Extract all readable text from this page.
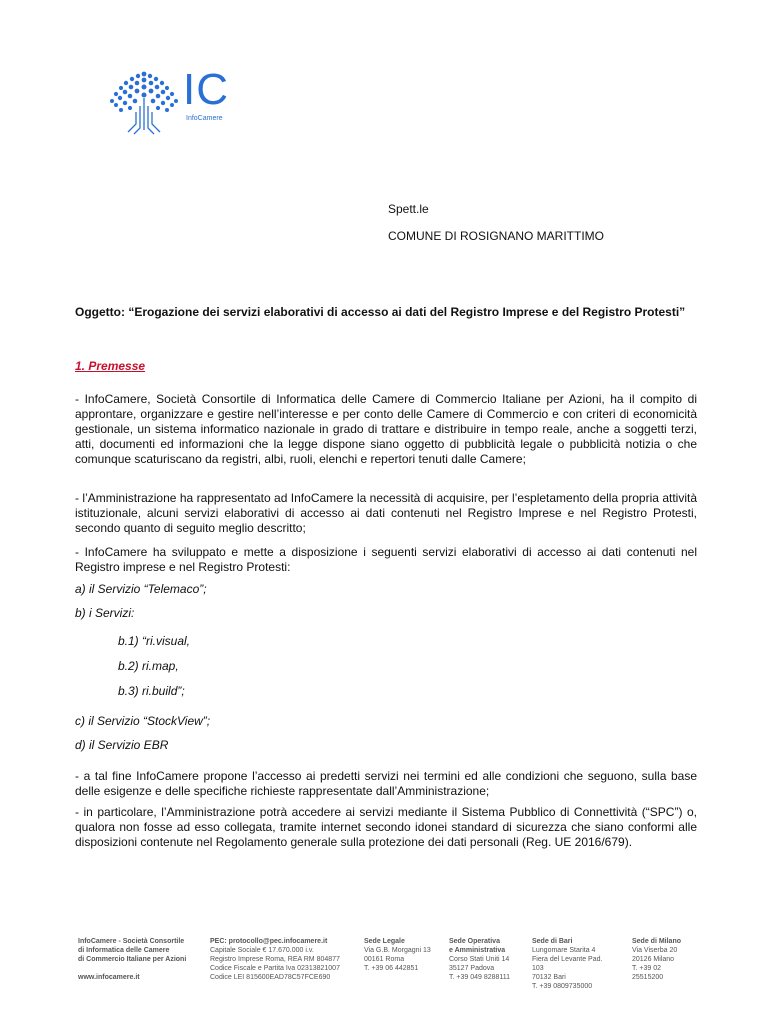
IC
InfoCamere
Spett.le
COMUNE DI ROSIGNANO MARITTIMO
Oggetto: “Erogazione dei servizi elaborativi di accesso ai dati del Registro Imprese e del Registro Protesti”
1. Premesse
- InfoCamere, Società Consortile di Informatica delle Camere di Commercio Italiane per Azioni, ha il compito di approntare, organizzare e gestire nell’interesse e per conto delle Camere di Commercio e con criteri di economicità gestionale, un sistema informatico nazionale in grado di trattare e distribuire in tempo reale, anche a soggetti terzi, atti, documenti ed informazioni che la legge dispone siano oggetto di pubblicità legale o pubblicità notizia o che comunque scaturiscano da registri, albi, ruoli, elenchi e repertori tenuti dalle Camere;
- l’Amministrazione ha rappresentato ad InfoCamere la necessità di acquisire, per l’espletamento della propria attività istituzionale, alcuni servizi elaborativi di accesso ai dati contenuti nel Registro Imprese e nel Registro Protesti, secondo quanto di seguito meglio descritto;
- InfoCamere ha sviluppato e mette a disposizione i seguenti servizi elaborativi di accesso ai dati contenuti nel Registro imprese e nel Registro Protesti:
a) il Servizio “Telemaco”;
b) i Servizi:
b.1) “ri.visual,
b.2) ri.map,
b.3) ri.build”;
c) il Servizio “StockView”;
d) il Servizio EBR
- a tal fine InfoCamere propone l’accesso ai predetti servizi nei termini ed alle condizioni che seguono, sulla base delle esigenze e delle specifiche richieste rappresentate dall’Amministrazione;
- in particolare, l’Amministrazione potrà accedere ai servizi mediante il Sistema Pubblico di Connettività (“SPC”) o, qualora non fosse ad esso collegata, tramite internet secondo idonei standard di sicurezza che siano conformi alle disposizioni contenute nel Regolamento generale sulla protezione dei dati personali (Reg. UE 2016/679).
InfoCamere - Società Consortile
di Informatica delle Camere
di Commercio Italiane per Azioni

www.infocamere.it
PEC: protocollo@pec.infocamere.it
Capitale Sociale € 17.670.000 i.v.
Registro Imprese Roma, REA RM 804877
Codice Fiscale e Partita Iva 02313821007
Codice LEI 815600EAD78C57FCE690
Sede Legale
Via G.B. Morgagni 13
00161 Roma
T. +39 06 442851
Sede Operativa
e Amministrativa
Corso Stati Uniti 14
35127 Padova
T. +39 049 8288111
Sede di Bari
Lungomare Starita 4
Fiera del Levante Pad.
103
70132 Bari
T. +39 0809735000
Sede di Milano
Via Viserba 20
20126 Milano
T. +39 02
25515200
